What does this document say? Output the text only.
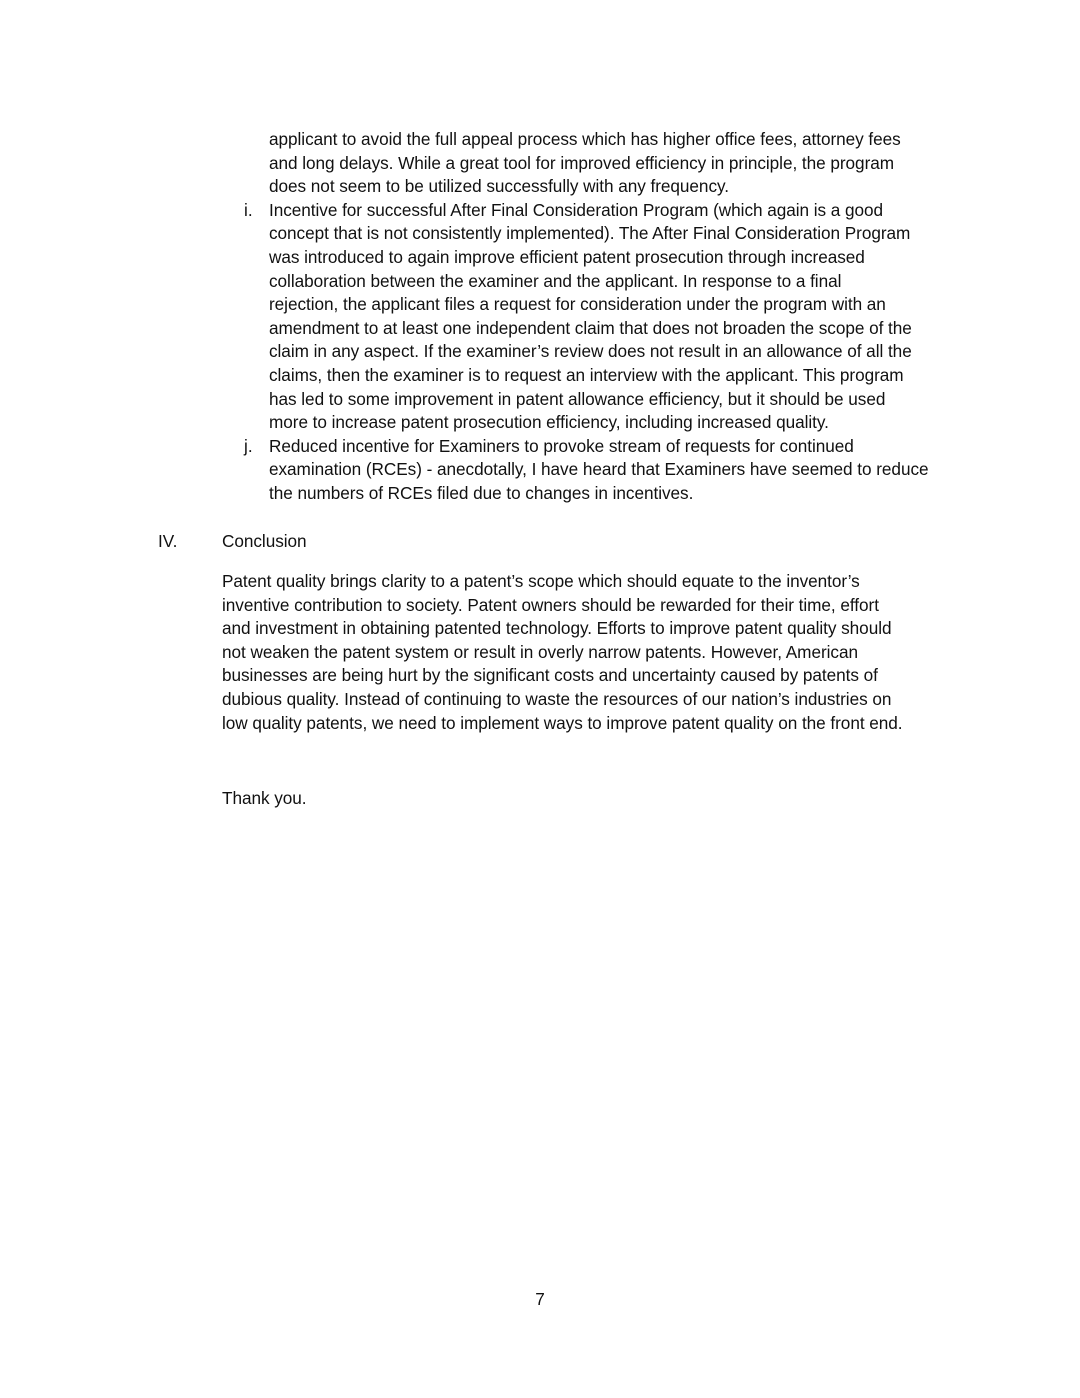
applicant to avoid the full appeal process which has higher office fees, attorney fees
and long delays. While a great tool for improved efficiency in principle, the program
does not seem to be utilized successfully with any frequency.
i. Incentive for successful After Final Consideration Program (which again is a good
concept that is not consistently implemented). The After Final Consideration Program
was introduced to again improve efficient patent prosecution through increased
collaboration between the examiner and the applicant. In response to a final
rejection, the applicant files a request for consideration under the program with an
amendment to at least one independent claim that does not broaden the scope of the
claim in any aspect. If the examiner’s review does not result in an allowance of all the
claims, then the examiner is to request an interview with the applicant. This program
has led to some improvement in patent allowance efficiency, but it should be used
more to increase patent prosecution efficiency, including increased quality.
j. Reduced incentive for Examiners to provoke stream of requests for continued
examination (RCEs) - anecdotally, I have heard that Examiners have seemed to reduce
the numbers of RCEs filed due to changes in incentives.
IV.	Conclusion
Patent quality brings clarity to a patent’s scope which should equate to the inventor’s
inventive contribution to society. Patent owners should be rewarded for their time, effort
and investment in obtaining patented technology. Efforts to improve patent quality should
not weaken the patent system or result in overly narrow patents. However, American
businesses are being hurt by the significant costs and uncertainty caused by patents of
dubious quality. Instead of continuing to waste the resources of our nation’s industries on
low quality patents, we need to implement ways to improve patent quality on the front end.
Thank you.
7
